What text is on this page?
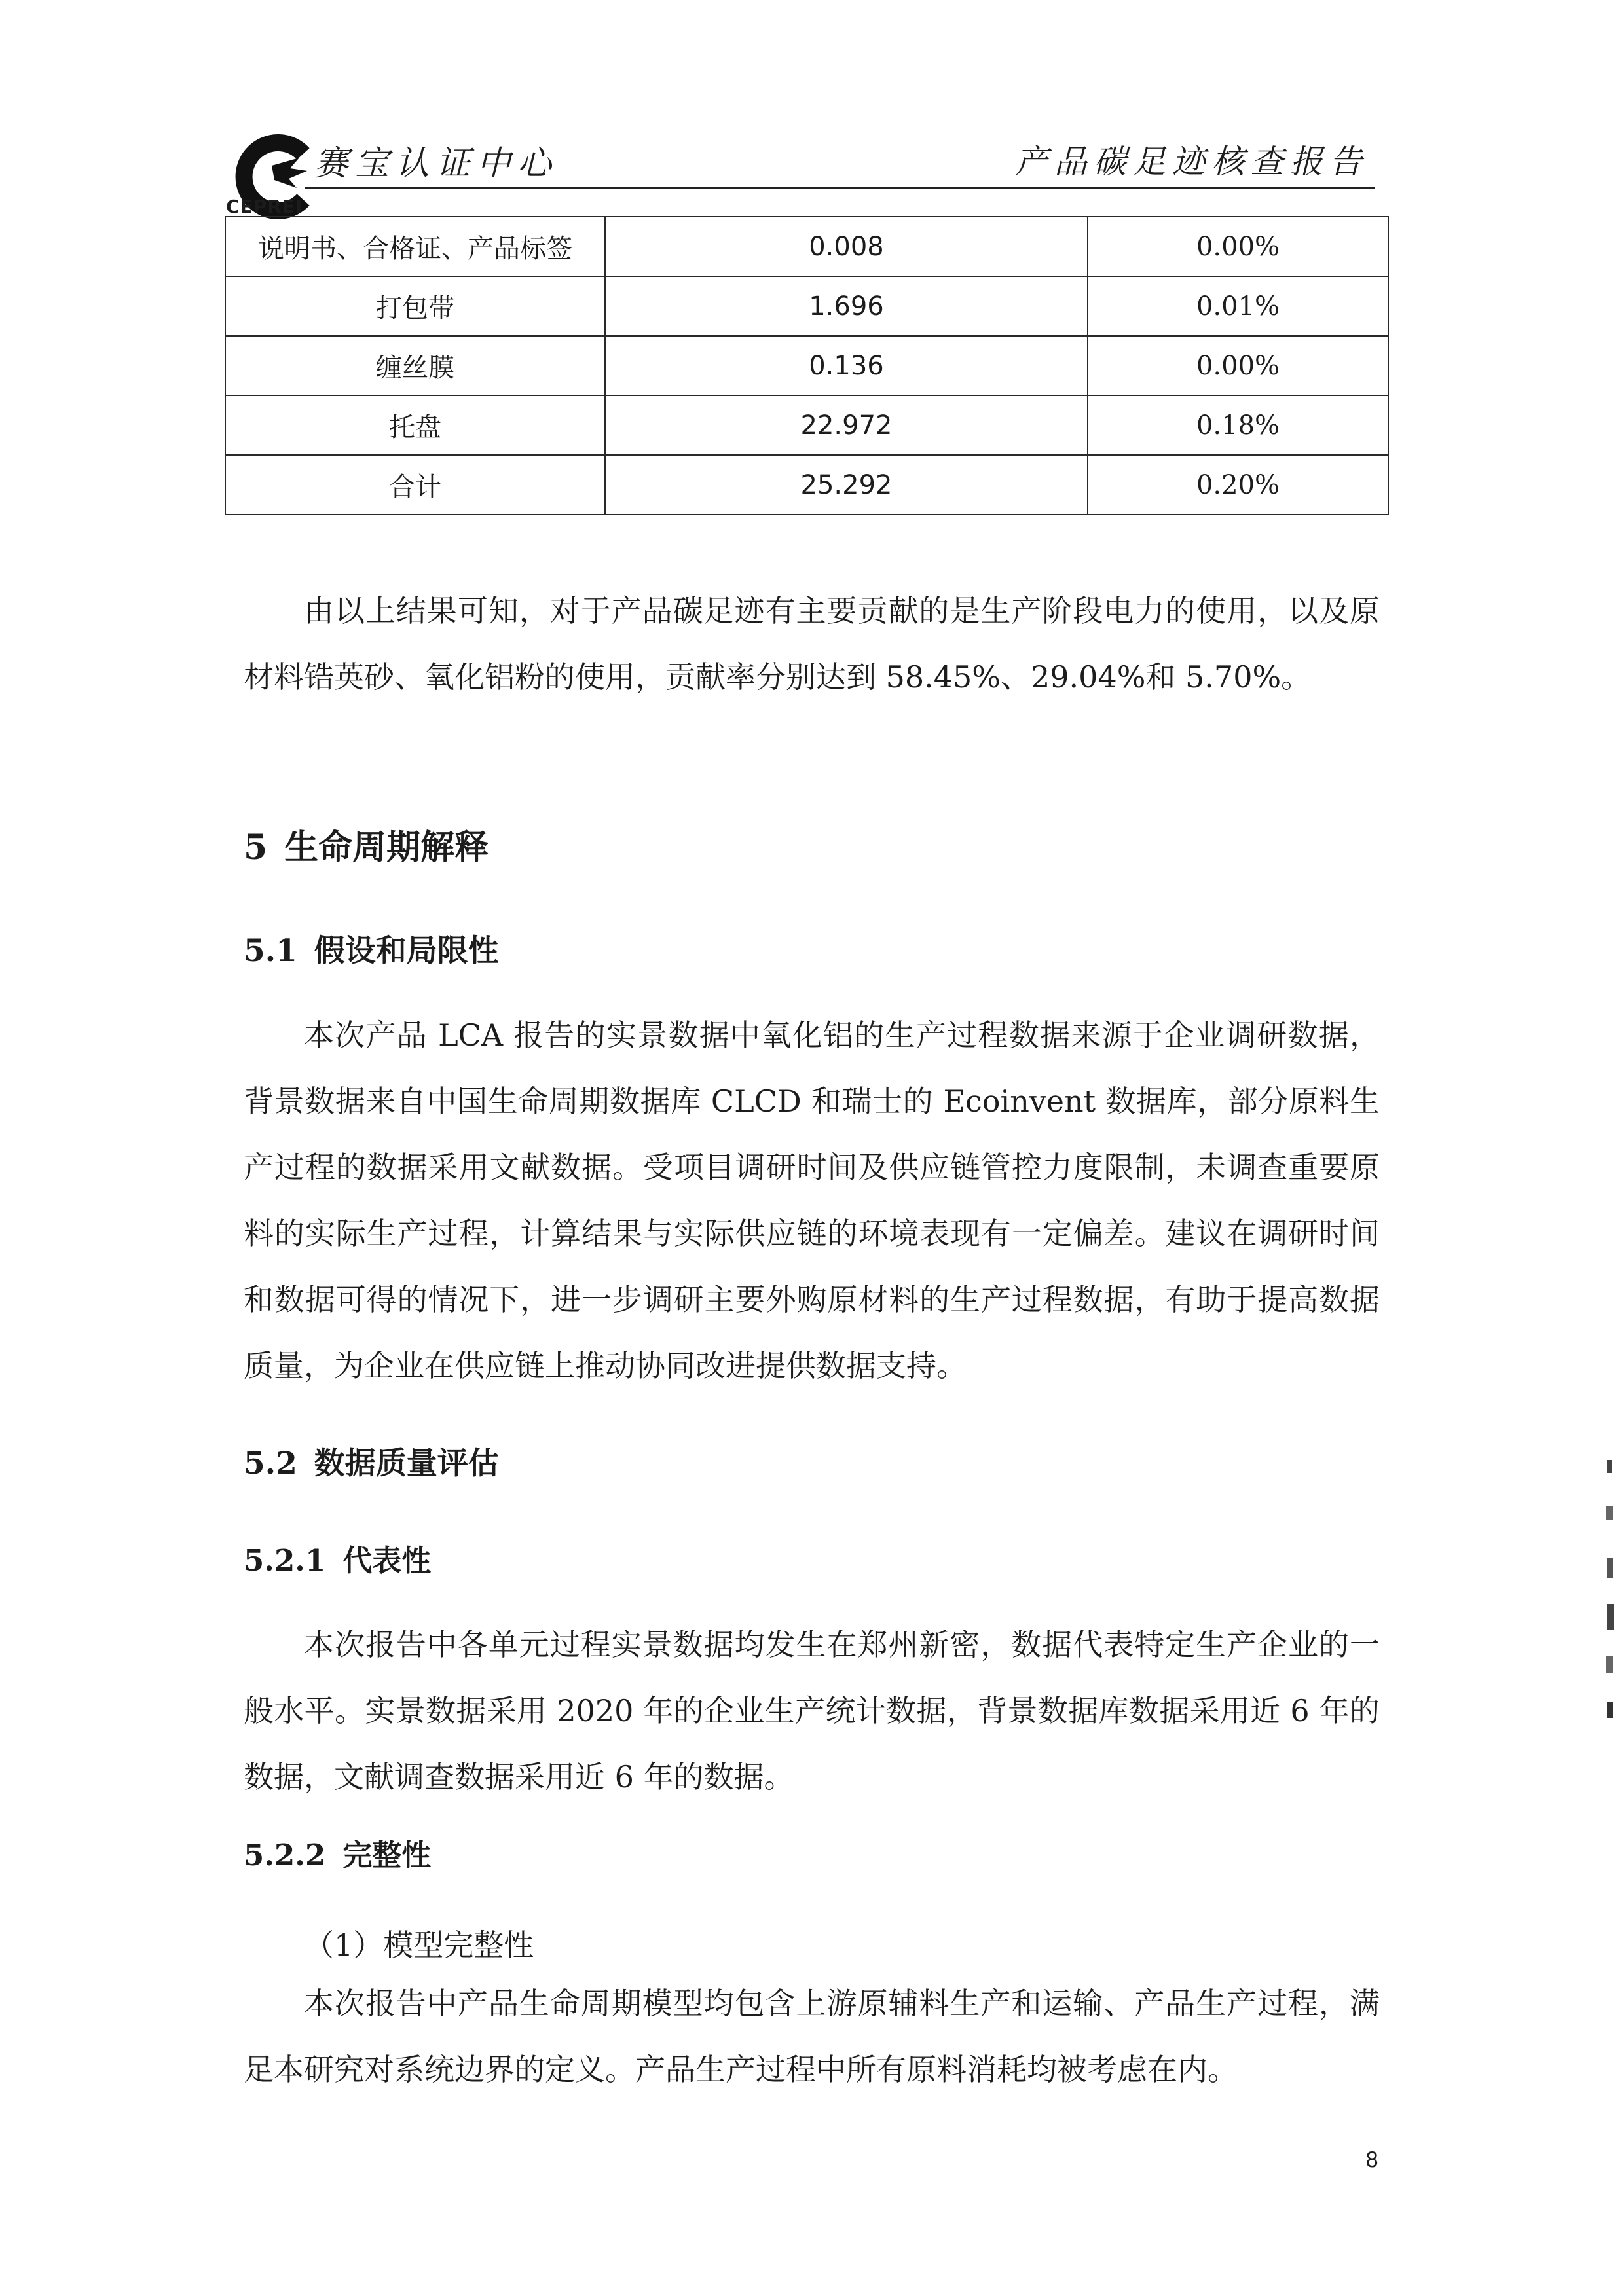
赛宝认证中心	产品碳足迹核查报告
CEPREI
说明书、合格证、产品标签	0.008	0.00%
打包带	1.696	0.01%
缠丝膜	0.136	0.00%
托盘	22.972	0.18%
合计	25.292	0.20%

由以上结果可知，对于产品碳足迹有主要贡献的是生产阶段电力的使用，以及原材料锆英砂、氧化铝粉的使用，贡献率分别达到 58.45%、29.04%和 5.70%。

5 生命周期解释
5.1 假设和局限性

本次产品 LCA 报告的实景数据中氧化铝的生产过程数据来源于企业调研数据，背景数据来自中国生命周期数据库 CLCD 和瑞士的 Ecoinvent 数据库，部分原料生产过程的数据采用文献数据。受项目调研时间及供应链管控力度限制，未调查重要原料的实际生产过程，计算结果与实际供应链的环境表现有一定偏差。建议在调研时间和数据可得的情况下，进一步调研主要外购原材料的生产过程数据，有助于提高数据质量，为企业在供应链上推动协同改进提供数据支持。

5.2 数据质量评估
5.2.1 代表性

本次报告中各单元过程实景数据均发生在郑州新密，数据代表特定生产企业的一般水平。实景数据采用 2020 年的企业生产统计数据，背景数据库数据采用近 6 年的数据，文献调查数据采用近 6 年的数据。

5.2.2 完整性

（1）模型完整性

本次报告中产品生命周期模型均包含上游原辅料生产和运输、产品生产过程，满足本研究对系统边界的定义。产品生产过程中所有原料消耗均被考虑在内。

8
